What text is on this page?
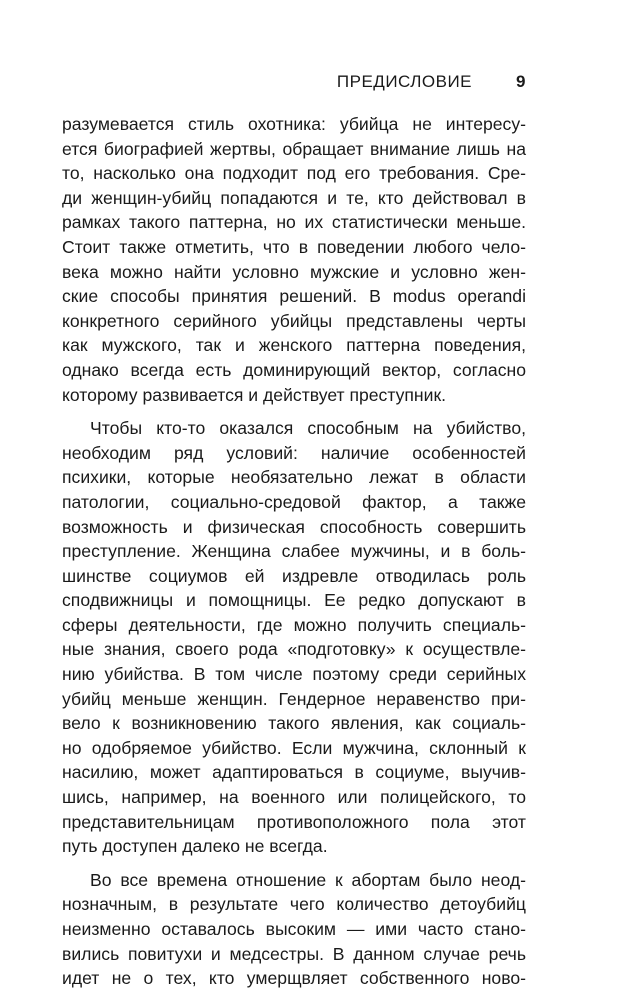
ПРЕДИСЛОВИЕ	9
разумевается стиль охотника: убийца не интересу-
ется биографией жертвы, обращает внимание лишь на
то, насколько она подходит под его требования. Сре-
ди женщин-убийц попадаются и те, кто действовал в
рамках такого паттерна, но их статистически меньше.
Стоит также отметить, что в поведении любого чело-
века можно найти условно мужские и условно жен-
ские способы принятия решений. В modus operandi
конкретного серийного убийцы представлены черты
как мужского, так и женского паттерна поведения,
однако всегда есть доминирующий вектор, согласно
которому развивается и действует преступник.
Чтобы кто-то оказался способным на убийство,
необходим ряд условий: наличие особенностей
психики, которые необязательно лежат в области
патологии, социально-средовой фактор, а также
возможность и физическая способность совершить
преступление. Женщина слабее мужчины, и в боль-
шинстве социумов ей издревле отводилась роль
сподвижницы и помощницы. Ее редко допускают в
сферы деятельности, где можно получить специаль-
ные знания, своего рода «подготовку» к осуществле-
нию убийства. В том числе поэтому среди серийных
убийц меньше женщин. Гендерное неравенство при-
вело к возникновению такого явления, как социаль-
но одобряемое убийство. Если мужчина, склонный к
насилию, может адаптироваться в социуме, выучив-
шись, например, на военного или полицейского, то
представительницам противоположного пола этот
путь доступен далеко не всегда.
Во все времена отношение к абортам было неод-
нозначным, в результате чего количество детоубийц
неизменно оставалось высоким — ими часто стано-
вились повитухи и медсестры. В данном случае речь
идет не о тех, кто умерщвляет собственного ново-
